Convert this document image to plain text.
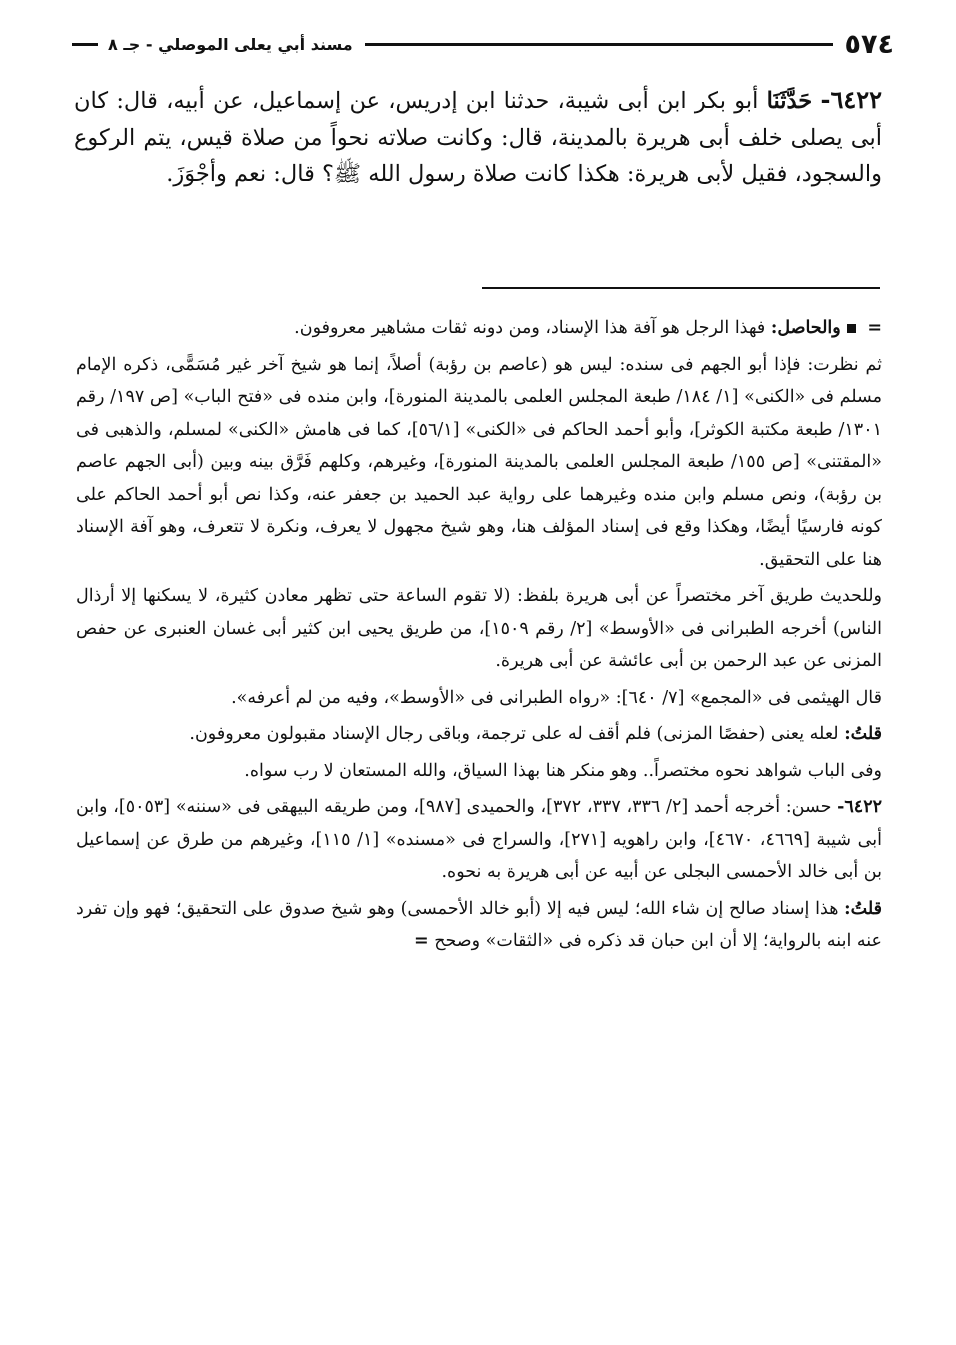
٥٧٤
مسند أبي يعلى الموصلي - جـ ٨

٦٤٢٢- حَدَّثَنَا أبو بكر ابن أبى شيبة، حدثنا ابن إدريس، عن إسماعيل، عن أبيه، قال: كان أبى يصلى خلف أبى هريرة بالمدينة، قال: وكانت صلاته نحواً من صلاة قيس، يتم الركوع والسجود، فقيل لأبى هريرة: هكذا كانت صلاة رسول الله ﷺ؟ قال: نعم وأجْوَزَ.

= والحاصل: فهذا الرجل هو آفة هذا الإسناد، ومن دونه ثقات مشاهير معروفون.

ثم نظرت: فإذا أبو الجهم فى سنده: ليس هو (عاصم بن رؤبة) أصلاً، إنما هو شيخ آخر غير مُسَمًّى، ذكره الإمام مسلم فى «الكنى» [١/ ١٨٤/ طبعة المجلس العلمى بالمدينة المنورة]، وابن منده فى «فتح الباب» [ص ١٩٧/ رقم ١٣٠١/ طبعة مكتبة الكوثر]، وأبو أحمد الحاكم فى «الكنى» [٥٦/١]، كما فى هامش «الكنى» لمسلم، والذهبى فى «المقتنى» [ص ١٥٥/ طبعة المجلس العلمى بالمدينة المنورة]، وغيرهم، وكلهم فَرَّق بينه وبين (أبى الجهم عاصم بن رؤبة)، ونص مسلم وابن منده وغيرهما على رواية عبد الحميد بن جعفر عنه، وكذا نص أبو أحمد الحاكم على كونه فارسيًا أيضًا، وهكذا وقع فى إسناد المؤلف هنا، وهو شيخ مجهول لا يعرف، ونكرة لا تتعرف، وهو آفة الإسناد هنا على التحقيق.

وللحديث طريق آخر مختصراً عن أبى هريرة بلفظ: (لا تقوم الساعة حتى تظهر معادن كثيرة، لا يسكنها إلا أرذال الناس) أخرجه الطبرانى فى «الأوسط» [٢/ رقم ١٥٠٩]، من طريق يحيى ابن كثير أبى غسان العنبرى عن حفص المزنى عن عبد الرحمن بن أبى عائشة عن أبى هريرة.

قال الهيثمى فى «المجمع» [٧/ ٦٤٠]: «رواه الطبرانى فى «الأوسط»، وفيه من لم أعرفه».

قلتُ: لعله يعنى (حفصًا المزنى) فلم أقف له على ترجمة، وباقى رجال الإسناد مقبولون معروفون.

وفى الباب شواهد نحوه مختصراً.. وهو منكر هنا بهذا السياق، والله المستعان لا رب سواه.

٦٤٢٢- حسن: أخرجه أحمد [٢/ ٣٣٦، ٣٣٧، ٣٧٢]، والحميدى [٩٨٧]، ومن طريقه البيهقى فى «سننه» [٥٠٥٣]، وابن أبى شيبة [٤٦٦٩، ٤٦٧٠]، وابن راهويه [٢٧١]، والسراج فى «مسنده» [١/ ١١٥]، وغيرهم من طرق عن إسماعيل بن أبى خالد الأحمسى البجلى عن أبيه عن أبى هريرة به نحوه.

قلتُ: هذا إسناد صالح إن شاء الله؛ ليس فيه إلا (أبو خالد الأحمسى) وهو شيخ صدوق على التحقيق؛ فهو وإن تفرد عنه ابنه بالرواية؛ إلا أن ابن حبان قد ذكره فى «الثقات» وصحح =
